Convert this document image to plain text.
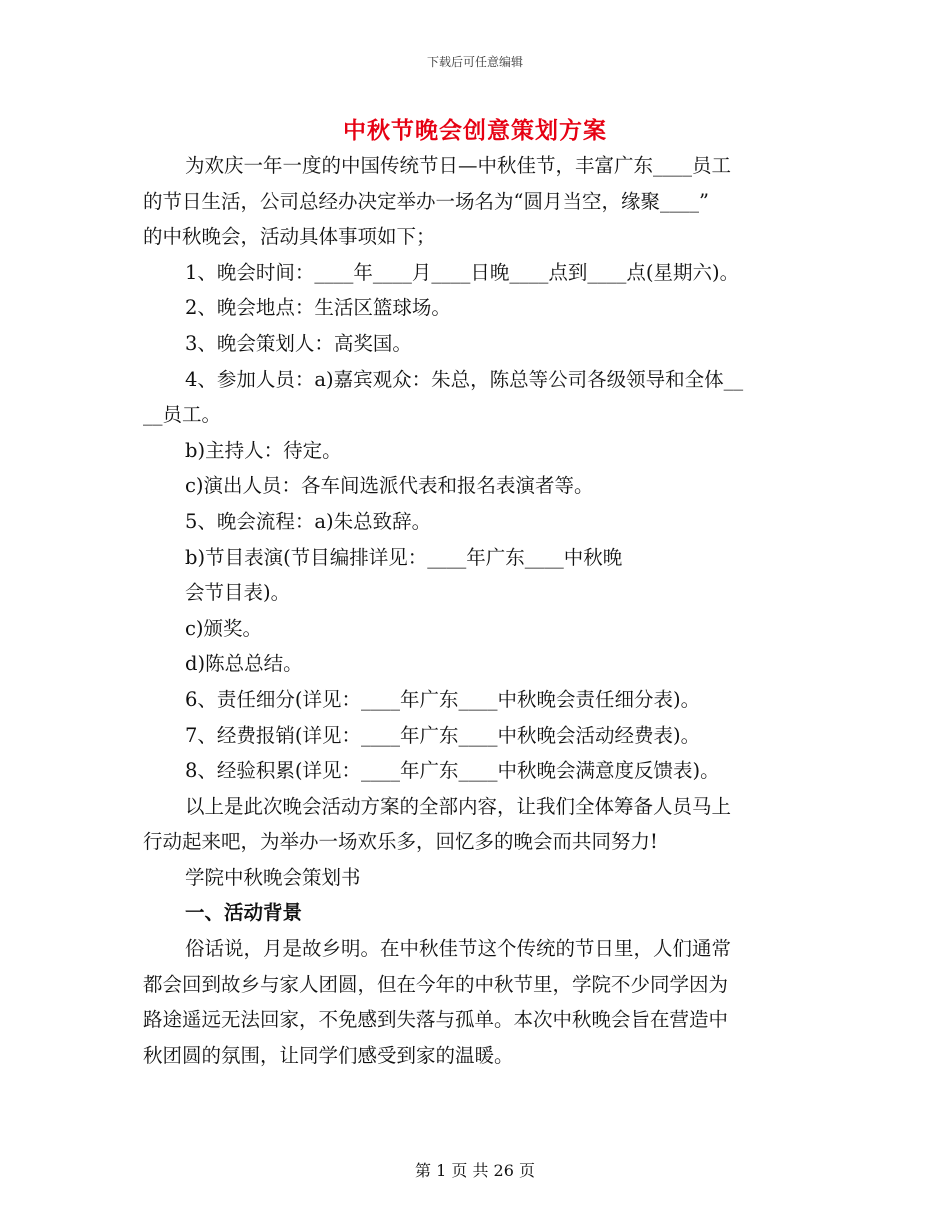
下载后可任意编辑
中秋节晚会创意策划方案
为欢庆一年一度的中国传统节日—中秋佳节，丰富广东____员工
的节日生活，公司总经办决定举办一场名为“圆月当空，缘聚____”
的中秋晚会，活动具体事项如下；
1、晚会时间：____年____月____日晚____点到____点(星期六)。
2、晚会地点：生活区篮球场。
3、晚会策划人：高奖国。
4、参加人员：a)嘉宾观众：朱总，陈总等公司各级领导和全体__
__员工。
b)主持人：待定。
c)演出人员：各车间选派代表和报名表演者等。
5、晚会流程：a)朱总致辞。
b)节目表演(节目编排详见：____年广东____中秋晚
会节目表)。
c)颁奖。
d)陈总总结。
6、责任细分(详见：____年广东____中秋晚会责任细分表)。
7、经费报销(详见：____年广东____中秋晚会活动经费表)。
8、经验积累(详见：____年广东____中秋晚会满意度反馈表)。
以上是此次晚会活动方案的全部内容，让我们全体筹备人员马上
行动起来吧，为举办一场欢乐多，回忆多的晚会而共同努力!
学院中秋晚会策划书
一、活动背景
俗话说，月是故乡明。在中秋佳节这个传统的节日里，人们通常
都会回到故乡与家人团圆，但在今年的中秋节里，学院不少同学因为
路途遥远无法回家，不免感到失落与孤单。本次中秋晚会旨在营造中
秋团圆的氛围，让同学们感受到家的温暖。
第 1 页 共 26 页
